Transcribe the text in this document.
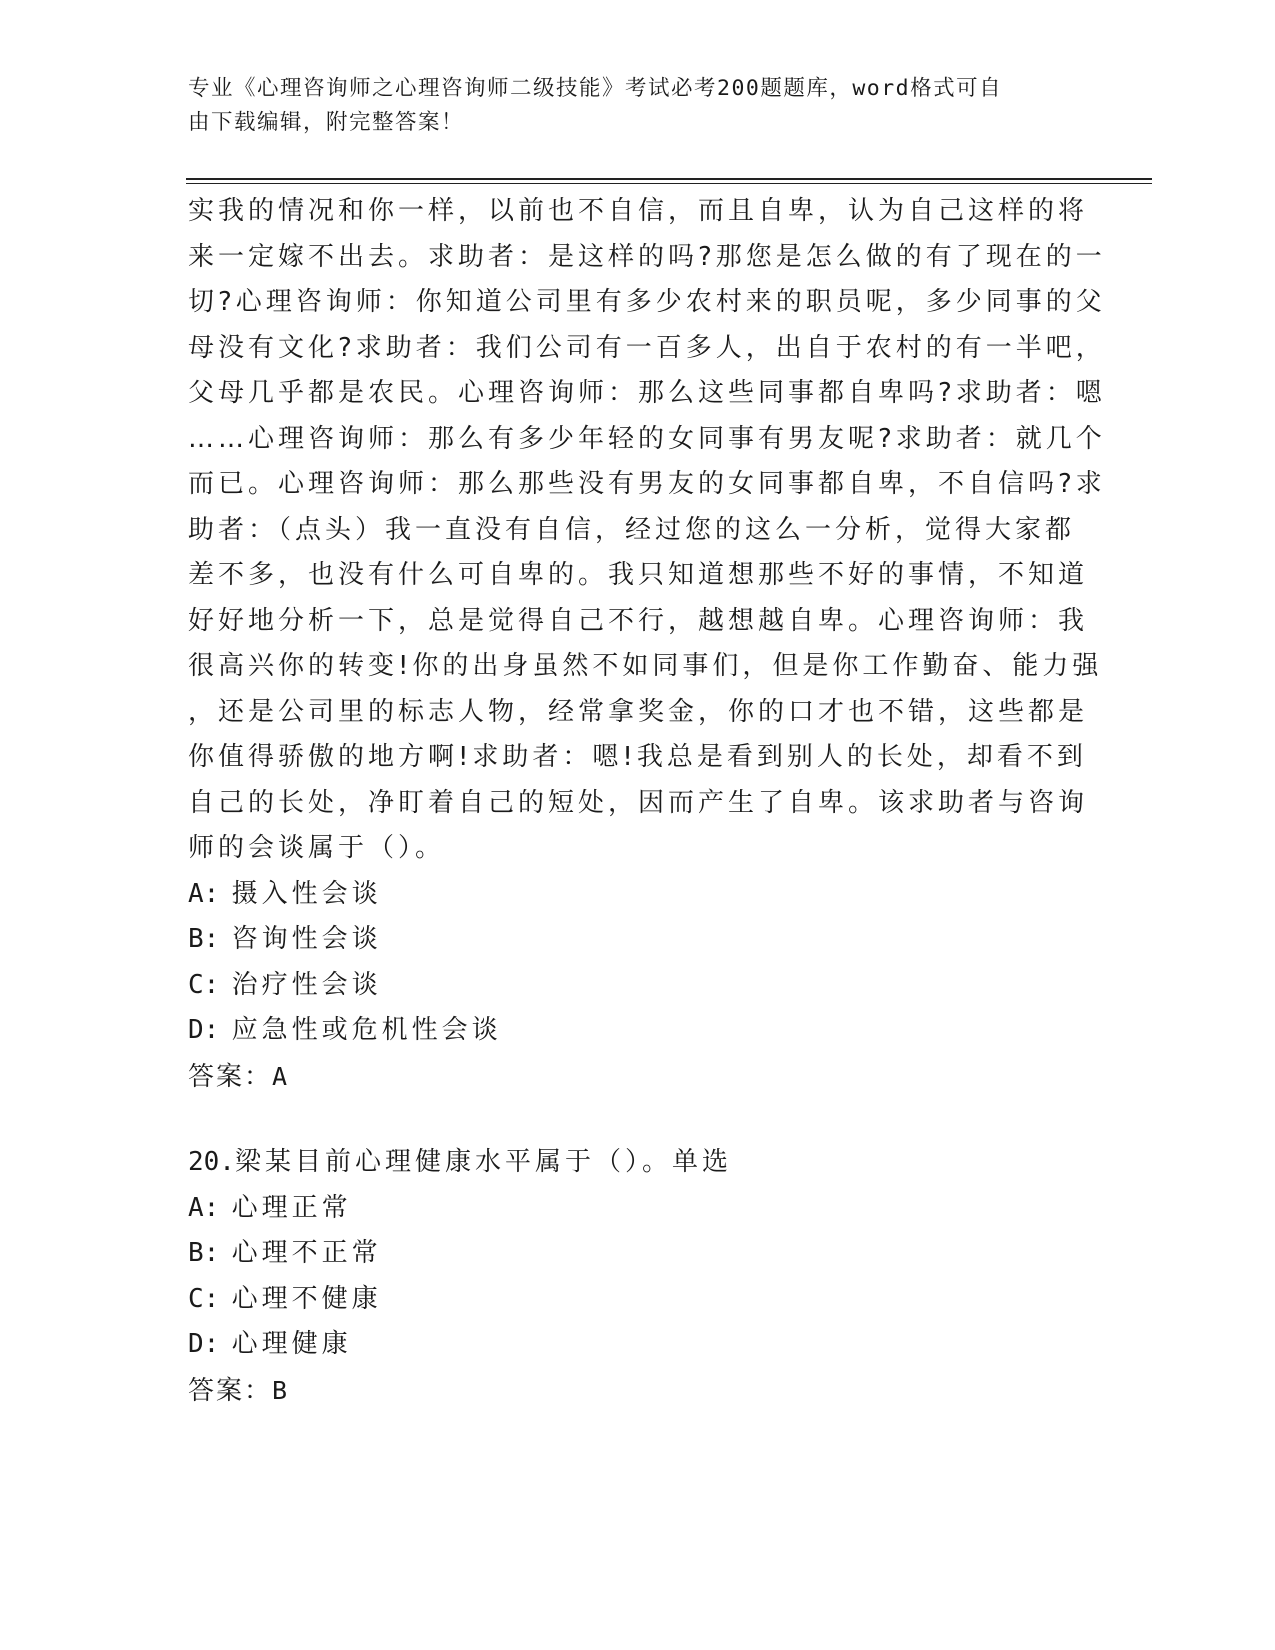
专业《心理咨询师之心理咨询师二级技能》考试必考200题题库，word格式可自
由下载编辑，附完整答案！
实我的情况和你一样，以前也不自信，而且自卑，认为自己这样的将
来一定嫁不出去。求助者：是这样的吗?那您是怎么做的有了现在的一
切?心理咨询师：你知道公司里有多少农村来的职员呢，多少同事的父
母没有文化?求助者：我们公司有一百多人，出自于农村的有一半吧，
父母几乎都是农民。心理咨询师：那么这些同事都自卑吗?求助者：嗯
……心理咨询师：那么有多少年轻的女同事有男友呢?求助者：就几个
而已。心理咨询师：那么那些没有男友的女同事都自卑，不自信吗?求
助者：（点头）我一直没有自信，经过您的这么一分析，觉得大家都
差不多，也没有什么可自卑的。我只知道想那些不好的事情，不知道
好好地分析一下，总是觉得自己不行，越想越自卑。心理咨询师：我
很高兴你的转变!你的出身虽然不如同事们，但是你工作勤奋、能力强
，还是公司里的标志人物，经常拿奖金，你的口才也不错，这些都是
你值得骄傲的地方啊!求助者：嗯!我总是看到别人的长处，却看不到
自己的长处，净盯着自己的短处，因而产生了自卑。该求助者与咨询
师的会谈属于（）。
A: 摄入性会谈
B: 咨询性会谈
C: 治疗性会谈
D: 应急性或危机性会谈
答案：A
20.梁某目前心理健康水平属于（）。单选
A: 心理正常
B: 心理不正常
C: 心理不健康
D: 心理健康
答案：B
